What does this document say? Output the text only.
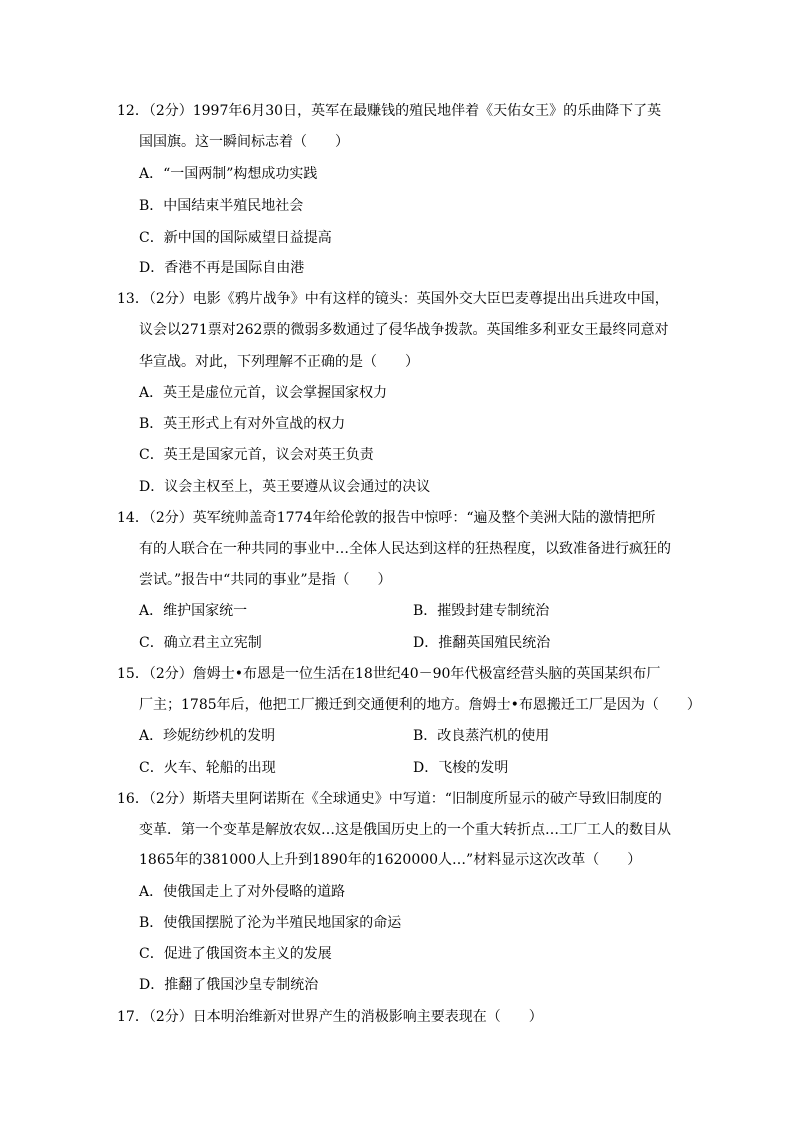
12．（2分）1997年6月30日，英军在最赚钱的殖民地伴着《天佑女王》的乐曲降下了英
国国旗。这一瞬间标志着（　　）
A．“一国两制”构想成功实践
B．中国结束半殖民地社会
C．新中国的国际威望日益提高
D．香港不再是国际自由港
13．（2分）电影《鸦片战争》中有这样的镜头：英国外交大臣巴麦尊提出出兵进攻中国，
议会以271票对262票的微弱多数通过了侵华战争拨款。英国维多利亚女王最终同意对
华宣战。对此，下列理解不正确的是（　　）
A．英王是虚位元首，议会掌握国家权力
B．英王形式上有对外宣战的权力
C．英王是国家元首，议会对英王负责
D．议会主权至上，英王要遵从议会通过的决议
14．（2分）英军统帅盖奇1774年给伦敦的报告中惊呼：“遍及整个美洲大陆的激情把所
有的人联合在一种共同的事业中…全体人民达到这样的狂热程度，以致准备进行疯狂的
尝试。”报告中“共同的事业”是指（　　）
A．维护国家统一	B．摧毁封建专制统治
C．确立君主立宪制	D．推翻英国殖民统治
15．（2分）詹姆士•布恩是一位生活在18世纪40－90年代极富经营头脑的英国某织布厂
厂主；1785年后，他把工厂搬迁到交通便利的地方。詹姆士•布恩搬迁工厂是因为（　　）
A．珍妮纺纱机的发明	B．改良蒸汽机的使用
C．火车、轮船的出现	D．飞梭的发明
16．（2分）斯塔夫里阿诺斯在《全球通史》中写道：“旧制度所显示的破产导致旧制度的
变革．第一个变革是解放农奴…这是俄国历史上的一个重大转折点…工厂工人的数目从
1865年的381000人上升到1890年的1620000人…”材料显示这次改革（　　）
A．使俄国走上了对外侵略的道路
B．使俄国摆脱了沦为半殖民地国家的命运
C．促进了俄国资本主义的发展
D．推翻了俄国沙皇专制统治
17．（2分）日本明治维新对世界产生的消极影响主要表现在（　　）
